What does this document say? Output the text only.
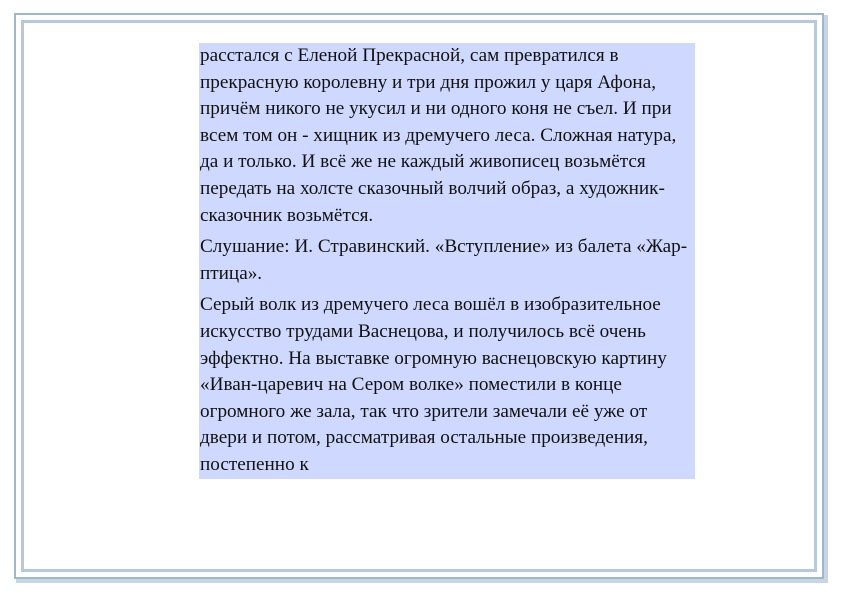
расстался с Еленой Прекрасной, сам превратился в прекрасную королевну и три дня прожил у царя Афона, причём никого не укусил и ни одного коня не съел. И при всем том он - хищник из дремучего леса. Сложная натура, да и только. И всё же не каждый живописец возьмётся передать на холсте сказочный волчий образ, а художник-сказочник возьмётся.

Слушание: И. Стравинский. «Вступление» из балета «Жар-птица».

Серый волк из дремучего леса вошёл в изобразительное искусство трудами Васнецова, и получилось всё очень эффектно. На выставке огромную васнецовскую картину «Иван-царевич на Сером волке» поместили в конце огромного же зала, так что зрители замечали её уже от двери и потом, рассматривая остальные произведения, постепенно к
